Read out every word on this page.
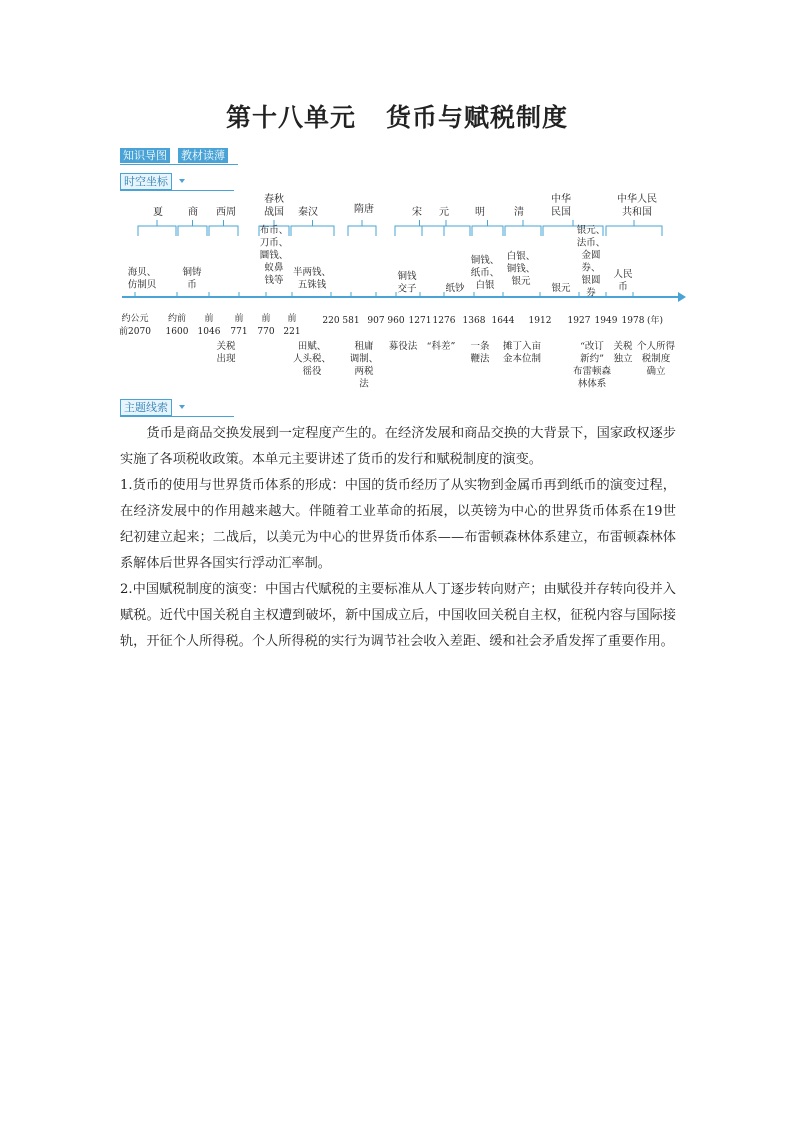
第十八单元 货币与赋税制度
知识导图 教材读薄
时空坐标
夏	商 西周
春秋战国 秦汉	隋唐	宋 元	明	清
中华民国
中华人民共和国
海贝、仿制贝
铜铸币
布币、刀币、圜钱、蚁鼻钱等
半两钱、五铢钱
铜钱交子	纸钞
铜钱、纸币、白银
白银、铜钱、银元
银元
银元、法币、金圆券、银圆券
人民币
约公元前2070
约前 1600
前 1046
前 771
前 770
前 221
220 581 907 960 1271 1276 1368 1644 1912 1927 1949 1978 (年)
关税出现
田赋、人头税、徭役
租庸调制、两税法
募役法 “科差” 一条鞭法
摊丁入亩金本位制
“改订新约”布雷顿森林体系
关税独立
个人所得税制度确立
主题线索

货币是商品交换发展到一定程度产生的。在经济发展和商品交换的大背景下，国家政权逐步实施了各项税收政策。本单元主要讲述了货币的发行和赋税制度的演变。

1.货币的使用与世界货币体系的形成：中国的货币经历了从实物到金属币再到纸币的演变过程，在经济发展中的作用越来越大。伴随着工业革命的拓展，以英镑为中心的世界货币体系在19世纪初建立起来；二战后，以美元为中心的世界货币体系——布雷顿森林体系建立，布雷顿森林体系解体后世界各国实行浮动汇率制。

2.中国赋税制度的演变：中国古代赋税的主要标准从人丁逐步转向财产；由赋役并存转向役并入赋税。近代中国关税自主权遭到破坏，新中国成立后，中国收回关税自主权，征税内容与国际接轨，开征个人所得税。个人所得税的实行为调节社会收入差距、缓和社会矛盾发挥了重要作用。
